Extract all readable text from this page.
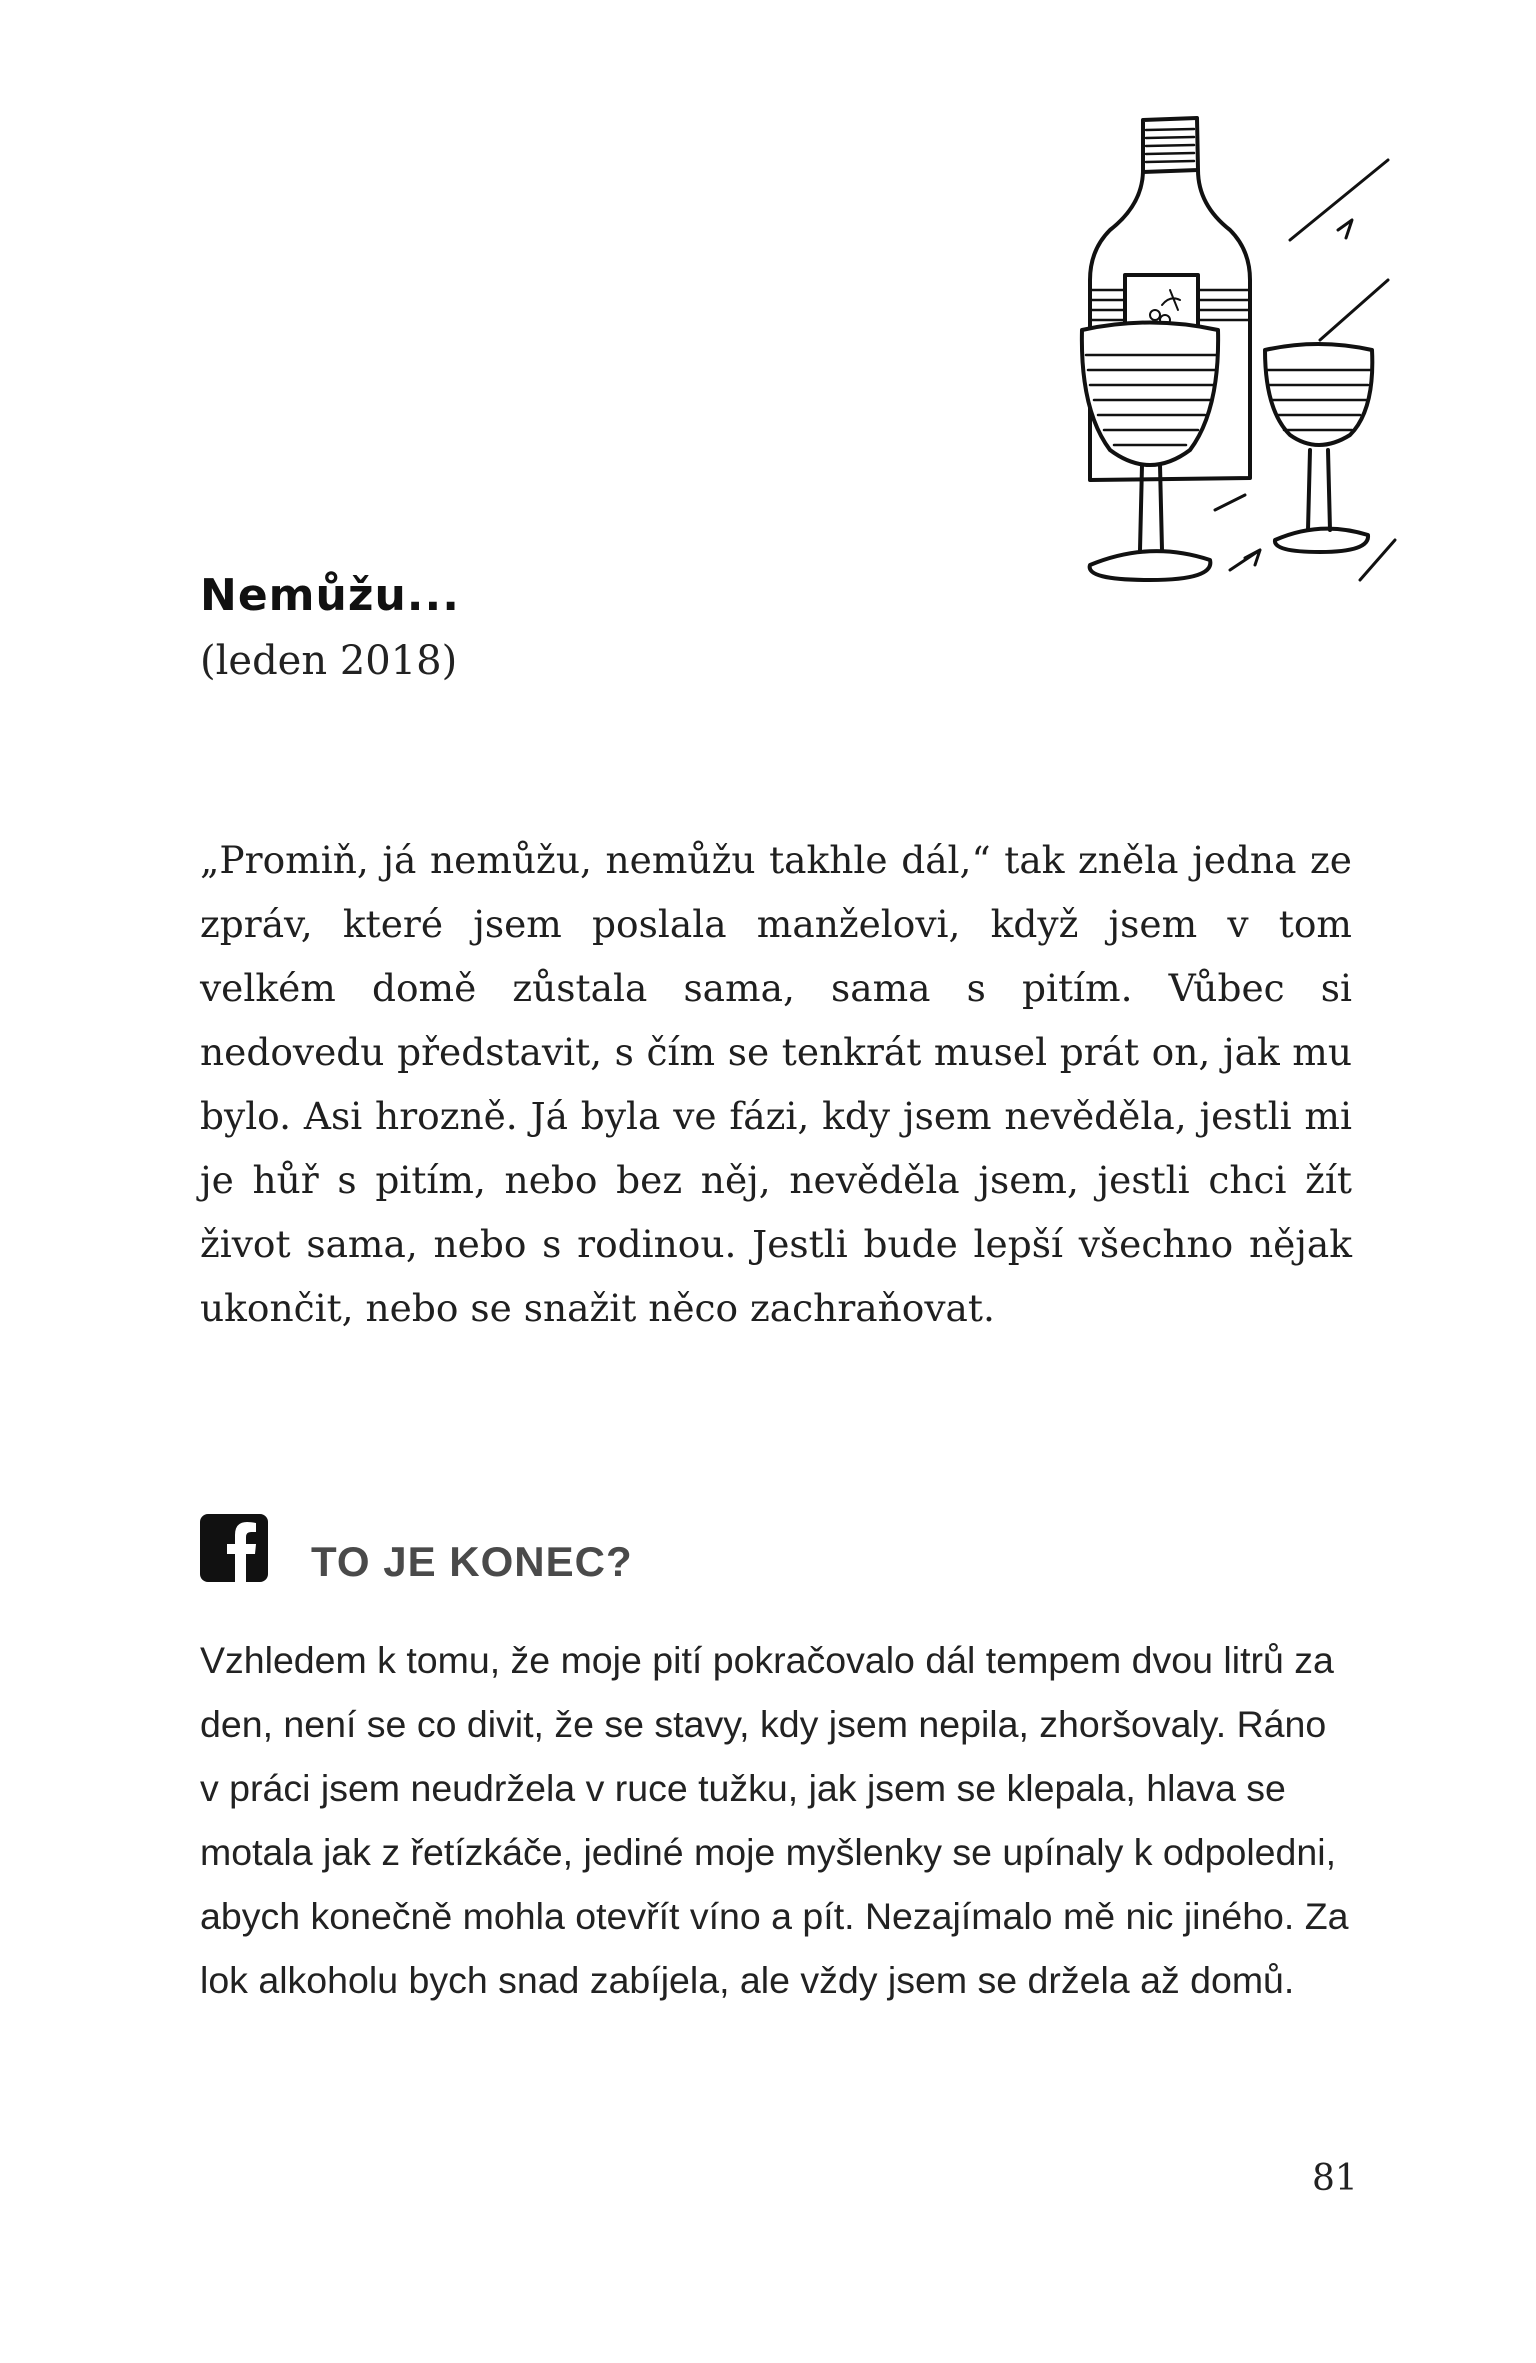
Nemůžu...
(leden 2018)

„Promiň, já nemůžu, nemůžu takhle dál,“ tak zněla jedna ze zpráv, které jsem poslala manželovi, když jsem v tom velkém domě zůstala sama, sama s pitím. Vůbec si nedovedu představit, s čím se tenkrát musel prát on, jak mu bylo. Asi hrozně. Já byla ve fázi, kdy jsem nevěděla, jestli mi je hůř s pitím, nebo bez něj, nevěděla jsem, jestli chci žít život sama, nebo s rodinou. Jestli bude lepší všechno nějak ukončit, nebo se snažit něco zachraňovat.

TO JE KONEC?

Vzhledem k tomu, že moje pití pokračovalo dál tempem dvou litrů za den, není se co divit, že se stavy, kdy jsem nepila, zhoršovaly. Ráno v práci jsem neudržela v ruce tužku, jak jsem se klepala, hlava se motala jak z řetízkáče, jediné moje myšlenky se upínaly k odpoledni, abych konečně mohla otevřít víno a pít. Nezajímalo mě nic jiného. Za lok alkoholu bych snad zabíjela, ale vždy jsem se držela až domů.

81
